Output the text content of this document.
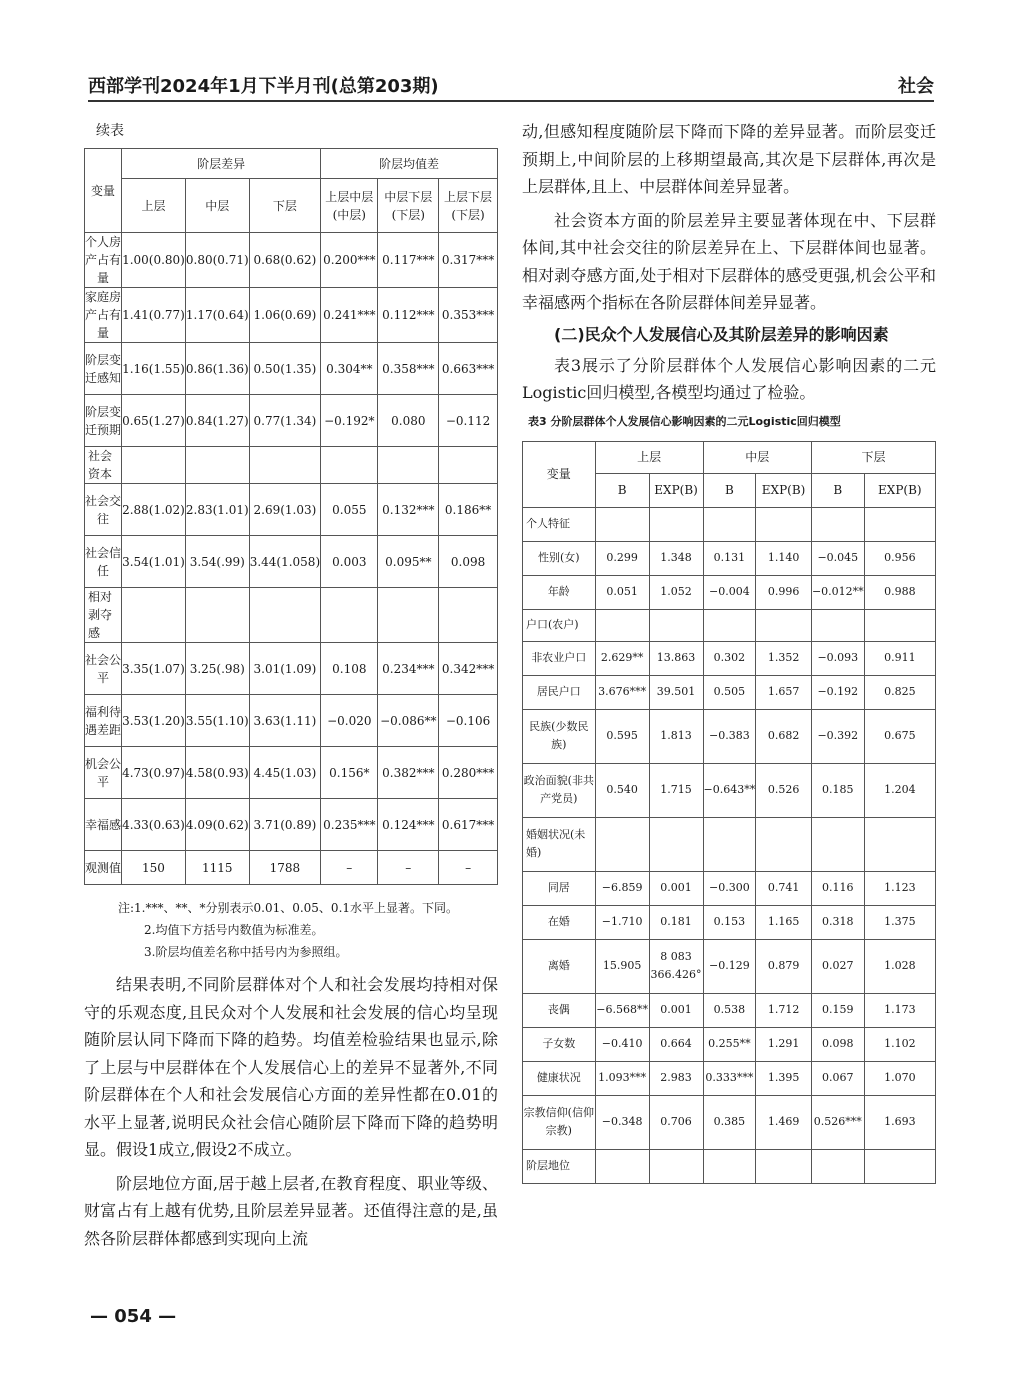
西部学刊2024年1月下半月刊(总第203期)	社会
续表
变量	阶层差异			阶层均值差		
	上层	中层	下层	上层中层(中层)	中层下层(下层)	上层下层(下层)
个人房产占有量	1.00(0.80)	0.80(0.71)	0.68(0.62)	0.200***	0.117***	0.317***
家庭房产占有量	1.41(0.77)	1.17(0.64)	1.06(0.69)	0.241***	0.112***	0.353***
阶层变迁感知	1.16(1.55)	0.86(1.36)	0.50(1.35)	0.304**	0.358***	0.663***
阶层变迁预期	0.65(1.27)	0.84(1.27)	0.77(1.34)	−0.192*	0.080	−0.112
社会资本						
社会交往	2.88(1.02)	2.83(1.01)	2.69(1.03)	0.055	0.132***	0.186**
社会信任	3.54(1.01)	3.54(.99)	3.44(1.058)	0.003	0.095**	0.098
相对剥夺感						
社会公平	3.35(1.07)	3.25(.98)	3.01(1.09)	0.108	0.234***	0.342***
福利待遇差距	3.53(1.20)	3.55(1.10)	3.63(1.11)	−0.020	−0.086**	−0.106
机会公平	4.73(0.97)	4.58(0.93)	4.45(1.03)	0.156*	0.382***	0.280***
幸福感	4.33(0.63)	4.09(0.62)	3.71(0.89)	0.235***	0.124***	0.617***
观测值	150	1115	1788	–	–	–
注:1.***、**、*分别表示0.01、0.05、0.1水平上显著。下同。
2.均值下方括号内数值为标准差。
3.阶层均值差名称中括号内为参照组。

结果表明,不同阶层群体对个人和社会发展均持相对保守的乐观态度,且民众对个人发展和社会发展的信心均呈现随阶层认同下降而下降的趋势。均值差检验结果也显示,除了上层与中层群体在个人发展信心上的差异不显著外,不同阶层群体在个人和社会发展信心方面的差异性都在0.01的水平上显著,说明民众社会信心随阶层下降而下降的趋势明显。假设1成立,假设2不成立。

阶层地位方面,居于越上层者,在教育程度、职业等级、财富占有上越有优势,且阶层差异显著。还值得注意的是,虽然各阶层群体都感到实现向上流

动,但感知程度随阶层下降而下降的差异显著。而阶层变迁预期上,中间阶层的上移期望最高,其次是下层群体,再次是上层群体,且上、中层群体间差异显著。

社会资本方面的阶层差异主要显著体现在中、下层群体间,其中社会交往的阶层差异在上、下层群体间也显著。相对剥夺感方面,处于相对下层群体的感受更强,机会公平和幸福感两个指标在各阶层群体间差异显著。

(二)民众个人发展信心及其阶层差异的影响因素

表3展示了分阶层群体个人发展信心影响因素的二元Logistic回归模型,各模型均通过了检验。

表3 分阶层群体个人发展信心影响因素的二元Logistic回归模型
变量	上层		中层		下层	
	B	EXP(B)	B	EXP(B)	B	EXP(B)
个人特征						
性别(女)	0.299	1.348	0.131	1.140	−0.045	0.956
年龄	0.051	1.052	−0.004	0.996	−0.012**	0.988
户口(农户)						
非农业户口	2.629**	13.863	0.302	1.352	−0.093	0.911
居民户口	3.676***	39.501	0.505	1.657	−0.192	0.825
民族(少数民族)	0.595	1.813	−0.383	0.682	−0.392	0.675
政治面貌(非共产党员)	0.540	1.715	−0.643**	0.526	0.185	1.204
婚姻状况(未婚)						
同居	−6.859	0.001	−0.300	0.741	0.116	1.123
在婚	−1.710	0.181	0.153	1.165	0.318	1.375
离婚	15.905	8 083 366.426°	−0.129	0.879	0.027	1.028
丧偶	−6.568**	0.001	0.538	1.712	0.159	1.173
子女数	−0.410	0.664	0.255**	1.291	0.098	1.102
健康状况	1.093***	2.983	0.333***	1.395	0.067	1.070
宗教信仰(信仰宗教)	−0.348	0.706	0.385	1.469	0.526***	1.693
阶层地位						
— 054 —
